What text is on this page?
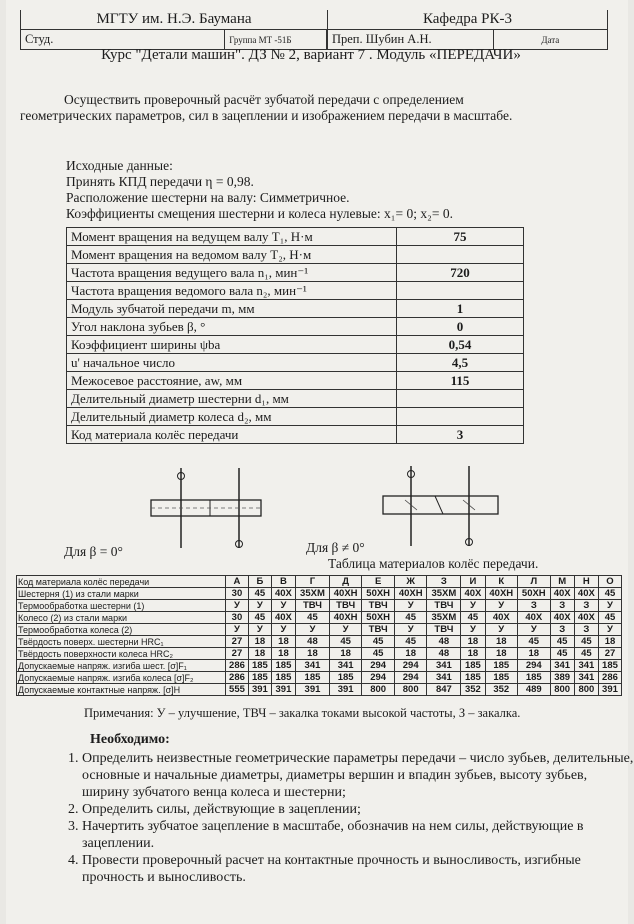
МГТУ им. Н.Э. Баумана		Кафедра РК-3	
Студ.	Группа МТ -51Б		Преп. Шубин А.Н.	Дата
Курс "Детали машин". ДЗ № 2, вариант 7 . Модуль «ПЕРЕДАЧИ»
Осуществить проверочный расчёт зубчатой передачи с определением геометрических параметров, сил в зацеплении и изображением передачи в масштабе.
Исходные данные:
Принять КПД передачи η = 0,98.
Расположение шестерни на валу: Симметричное.
Коэффициенты смещения шестерни и колеса нулевые: x₁= 0; x₂= 0.
Момент вращения на ведущем валу T₁, Н·м	75
Момент вращения на ведомом валу T₂, Н·м	
Частота вращения ведущего вала n₁, мин⁻¹	720
Частота вращения ведомого вала n₂, мин⁻¹	
Модуль зубчатой передачи m, мм	1
Угол наклона зубьев β, °	0
Коэффициент ширины ψba	0,54
u' начальное число	4,5
Межосевое расстояние, aw, мм	115
Делительный диаметр шестерни d₁, мм	
Делительный диаметр колеса d₂, мм	
Код материала колёс передачи	3
Для β = 0°	Для β ≠ 0°
Таблица материалов колёс передачи.
Код материала колёс передачи	А	Б	В	Г	Д	Е	Ж	З	И	К	Л	М	Н	О
Шестерня (1) из стали марки	30	45	40Х	35ХМ	40ХН	50ХН	40ХН	35ХМ	40Х	40ХН	50ХН	40Х	40Х	45
Термообработка шестерни (1)	У	У	У	ТВЧ	ТВЧ	ТВЧ	У	ТВЧ	У	У	З	З	З	У
Колесо (2) из стали марки	30	45	40Х	45	40ХН	50ХН	45	35ХМ	45	40Х	40Х	40Х	40Х	45
Термообработка колеса (2)	У	У	У	У	У	ТВЧ	У	ТВЧ	У	У	У	З	З	У
Твёрдость поверх. шестерни HRC₁	27	18	18	48	45	45	45	48	18	18	45	45	45	18
Твёрдость поверхности колеса HRC₂	27	18	18	18	18	45	18	48	18	18	18	45	45	27
Допускаемые напряж. изгиба шест. [σ]F₁	286	185	185	341	341	294	294	341	185	185	294	341	341	185
Допускаемые напряж. изгиба колеса [σ]F₂	286	185	185	185	185	294	294	341	185	185	185	389	341	286
Допускаемые контактные напряж. [σ]H	555	391	391	391	391	800	800	847	352	352	489	800	800	391
Примечания: У – улучшение, ТВЧ – закалка токами высокой частоты, З – закалка.
Необходимо:
1. Определить неизвестные геометрические параметры передачи – число зубьев, делительные, основные и начальные диаметры, диаметры вершин и впадин зубьев, высоту зубьев, ширину зубчатого венца колеса и шестерни;
2. Определить силы, действующие в зацеплении;
3. Начертить зубчатое зацепление в масштабе, обозначив на нем силы, действующие в зацеплении.
4. Провести проверочный расчет на контактные прочность и выносливость, изгибные прочность и выносливость.
